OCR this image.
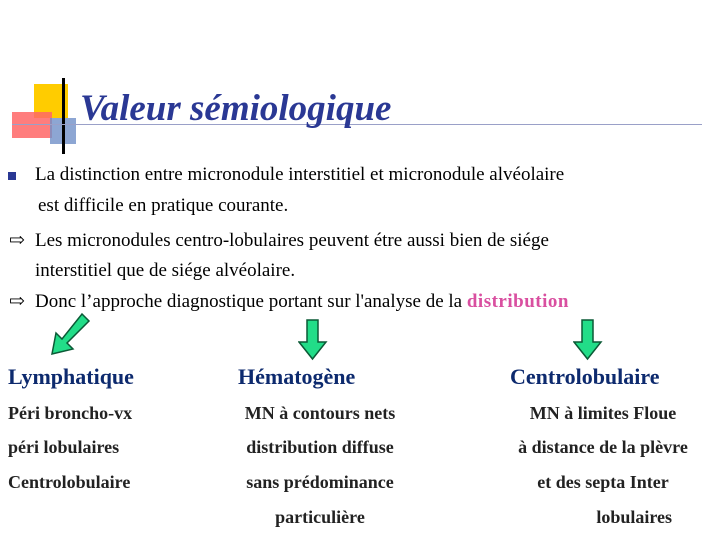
Valeur sémiologique
La distinction entre micronodule interstitiel et micronodule alvéolaire
est difficile en pratique courante.
⇨ Les micronodules centro-lobulaires peuvent étre aussi bien de siége
interstitiel que de siége alvéolaire.
⇨ Donc l’approche diagnostique portant sur l'analyse de la distribution
Lymphatique	Hématogène	Centrolobulaire
Péri broncho-vx
péri lobulaires
Centrolobulaire
MN à contours nets
distribution diffuse
sans prédominance
particulière
MN à limites Floue
à distance de la plèvre
et des septa Inter
lobulaires
